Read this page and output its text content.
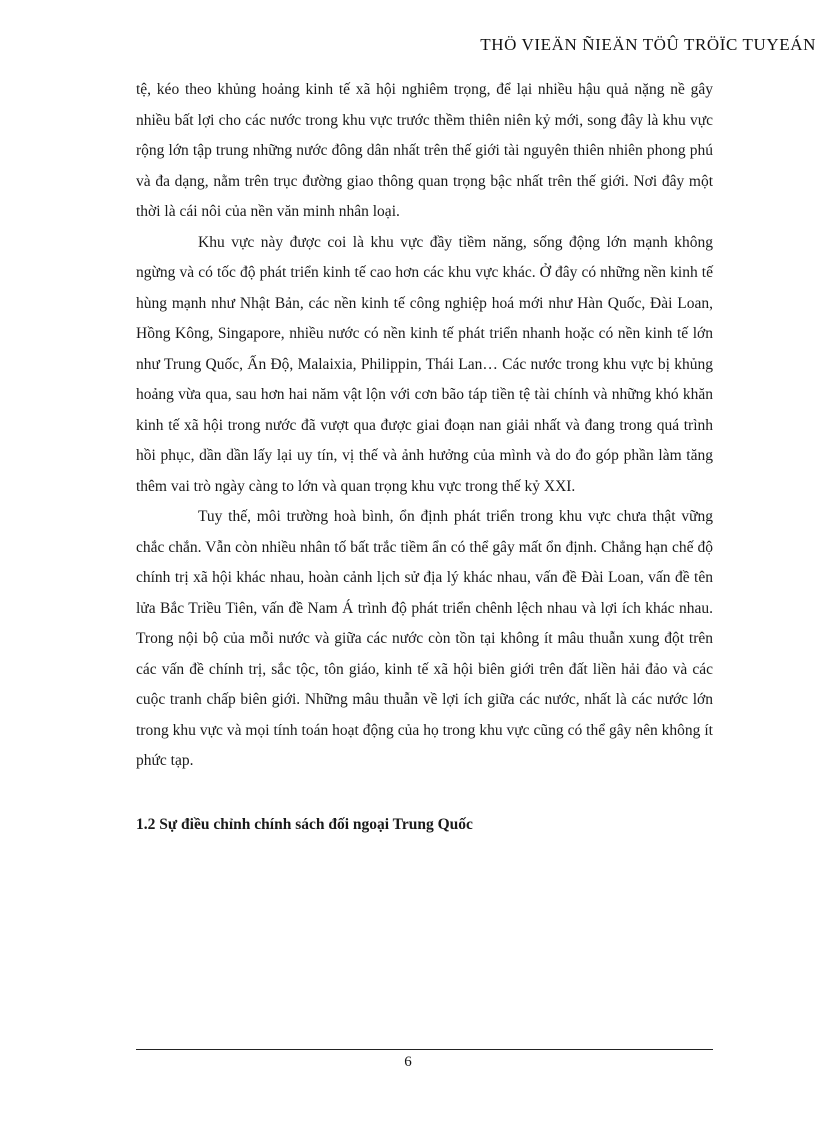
THÖ VIEÄN ÑIEÄN TÖÛ TRÖÏC TUYEÁN

tệ, kéo theo khủng hoảng kinh tế xã hội nghiêm trọng, để lại nhiều hậu quả nặng nề gây nhiều bất lợi cho các nước trong khu vực trước thềm thiên niên kỷ mới, song đây là khu vực rộng lớn tập trung những nước đông dân nhất trên thế giới tài nguyên thiên nhiên phong phú và đa dạng, nằm trên trục đường giao thông quan trọng bậc nhất trên thế giới. Nơi đây một thời là cái nôi của nền văn minh nhân loại.

Khu vực này được coi là khu vực đầy tiềm năng, sống động lớn mạnh không ngừng và có tốc độ phát triển kinh tế cao hơn các khu vực khác. Ở đây có những nền kinh tế hùng mạnh như Nhật Bản, các nền kinh tế công nghiệp hoá mới như Hàn Quốc, Đài Loan, Hồng Kông, Singapore, nhiều nước có nền kinh tế phát triển nhanh hoặc có nền kinh tế lớn như Trung Quốc, Ấn Độ, Malaixia, Philippin, Thái Lan… Các nước trong khu vực bị khủng hoảng vừa qua, sau hơn hai năm vật lộn với cơn bão táp tiền tệ tài chính và những khó khăn kinh tế xã hội trong nước đã vượt qua được giai đoạn nan giải nhất và đang trong quá trình hồi phục, dần dần lấy lại uy tín, vị thế và ảnh hưởng của mình và do đo góp phần làm tăng thêm vai trò ngày càng to lớn và quan trọng khu vực trong thế kỷ XXI.

Tuy thế, môi trường hoà bình, ổn định phát triển trong khu vực chưa thật vững chắc chắn. Vẫn còn nhiều nhân tố bất trắc tiềm ẩn có thể gây mất ổn định. Chẳng hạn chế độ chính trị xã hội khác nhau, hoàn cảnh lịch sử địa lý khác nhau, vấn đề Đài Loan, vấn đề tên lửa Bắc Triều Tiên, vấn đề Nam Á trình độ phát triển chênh lệch nhau và lợi ích khác nhau. Trong nội bộ của mỗi nước và giữa các nước còn tồn tại không ít mâu thuẫn xung đột trên các vấn đề chính trị, sắc tộc, tôn giáo, kinh tế xã hội biên giới trên đất liền hải đảo và các cuộc tranh chấp biên giới. Những mâu thuẫn về lợi ích giữa các nước, nhất là các nước lớn trong khu vực và mọi tính toán hoạt động của họ trong khu vực cũng có thể gây nên không ít phức tạp.

1.2 Sự điều chỉnh chính sách đối ngoại Trung Quốc
6
